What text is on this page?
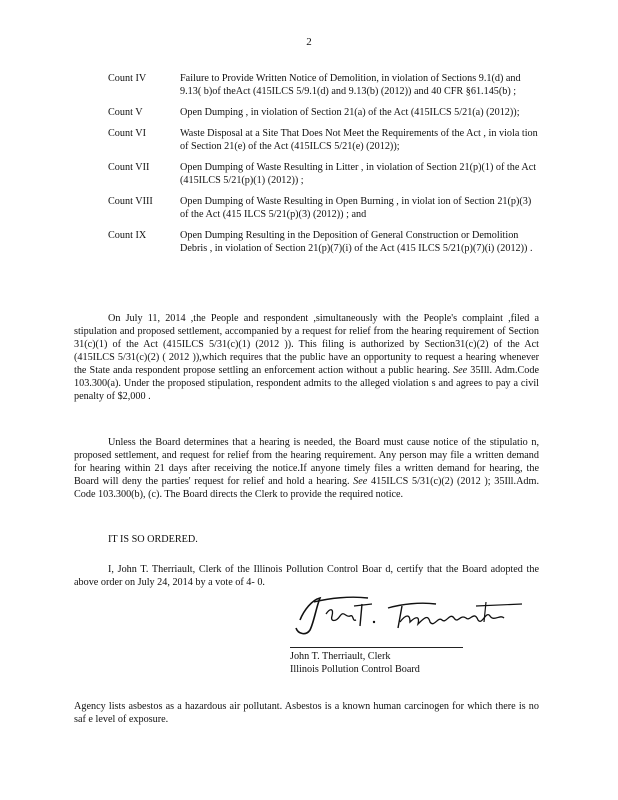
2
Count IV	Failure to Provide Written Notice of Demolition, in violation of Sections 9.1(d) and 9.13( b)of theAct (415ILCS 5/9.1(d) and 9.13(b) (2012)) and 40 CFR §61.145(b) ;
Count V	Open Dumping , in violation of Section 21(a) of the Act (415ILCS 5/21(a) (2012));
Count VI	Waste Disposal at a Site That Does Not Meet the Requirements of the Act , in viola tion of Section 21(e) of the Act (415ILCS 5/21(e) (2012));
Count VII	Open Dumping of Waste Resulting in Litter , in violation of Section 21(p)(1) of the Act (415ILCS 5/21(p)(1) (2012)) ;
Count VIII	Open Dumping of Waste Resulting in Open Burning , in violat ion of Section 21(p)(3) of the Act (415 ILCS 5/21(p)(3) (2012)) ; and
Count IX	Open Dumping Resulting in the Deposition of General Construction or Demolition Debris , in violation of Section 21(p)(7)(i) of the Act (415 ILCS 5/21(p)(7)(i) (2012)) .
On July 11, 2014 ,the People and respondent ,simultaneously with the People's complaint ,filed a stipulation and proposed settlement, accompanied by a request for relief from the hearing requirement of Section 31(c)(1) of the Act (415ILCS 5/31(c)(1) (2012 )). This filing is authorized by Section31(c)(2) of the Act (415ILCS 5/31(c)(2) ( 2012 )),which requires that the public have an opportunity to request a hearing whenever the State anda respondent propose settling an enforcement action without a public hearing. See 35Ill. Adm.Code 103.300(a). Under the proposed stipulation, respondent admits to the alleged violation s and agrees to pay a civil penalty of $2,000 .
Unless the Board determines that a hearing is needed, the Board must cause notice of the stipulatio n, proposed settlement, and request for relief from the hearing requirement. Any person may file a written demand for hearing within 21 days after receiving the notice.If anyone timely files a written demand for hearing, the Board will deny the parties' request for relief and hold a hearing. See 415ILCS 5/31(c)(2) (2012 ); 35Ill.Adm. Code 103.300(b), (c). The Board directs the Clerk to provide the required notice.
IT IS SO ORDERED.
I, John T. Therriault, Clerk of the Illinois Pollution Control Boar d, certify that the Board adopted the above order on July 24, 2014 by a vote of 4- 0.
John T. Therriault, Clerk
Illinois Pollution Control Board
Agency lists asbestos as a hazardous air pollutant. Asbestos is a known human carcinogen for which there is no saf e level of exposure.
